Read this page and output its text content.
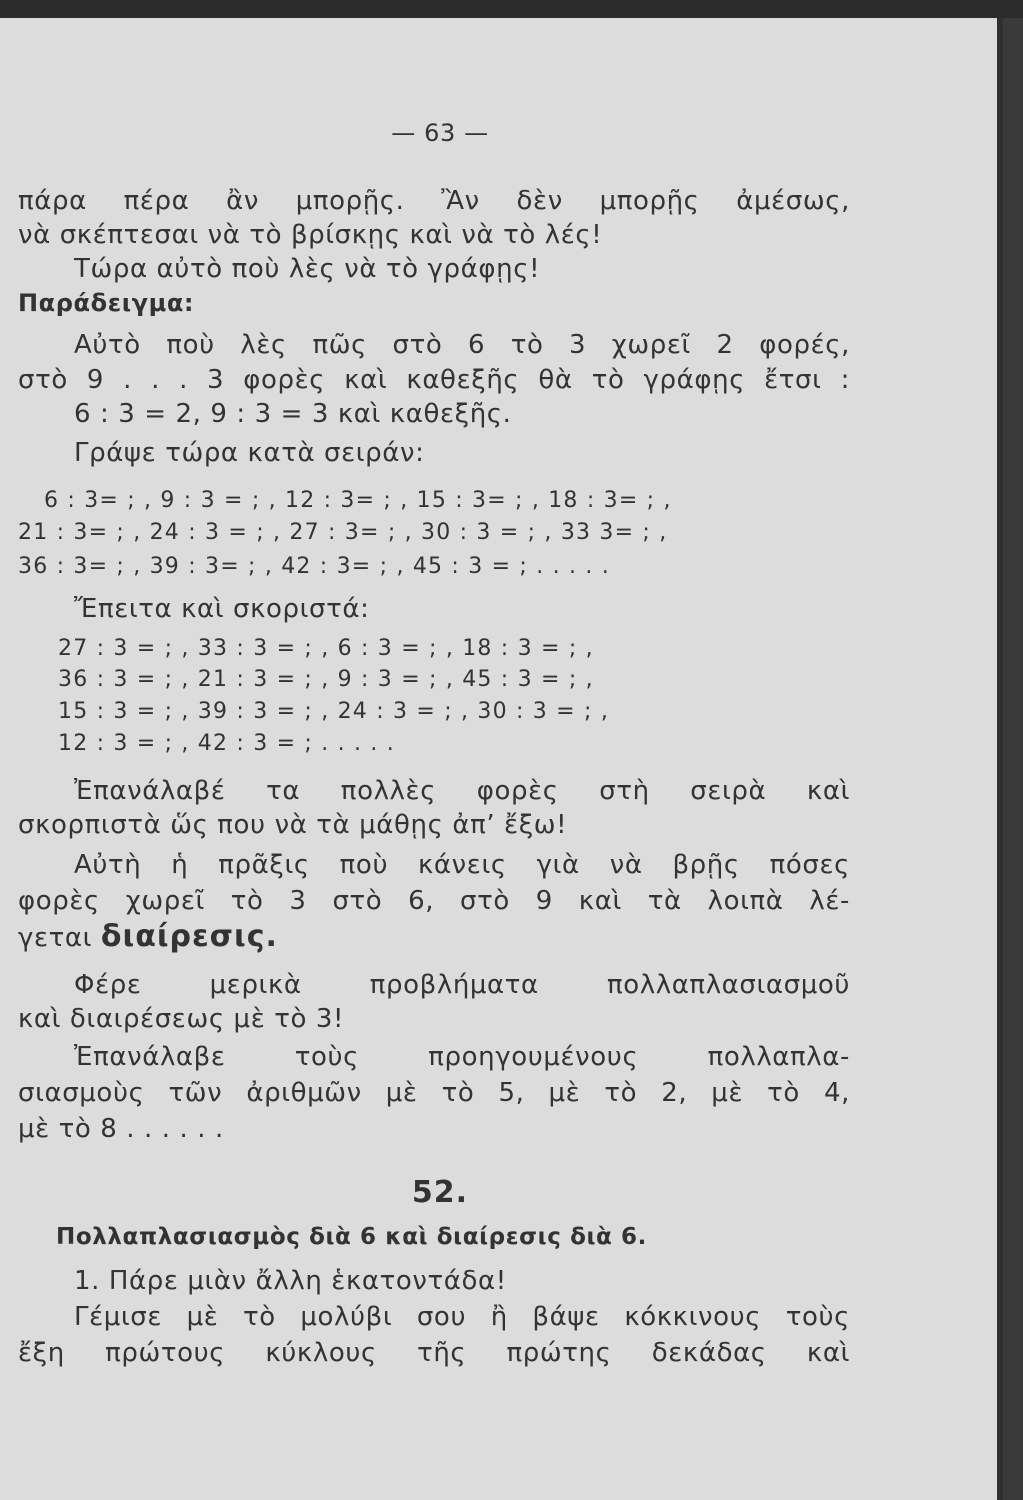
— 63 —
πάρα πέρα ἂν μπορῇς. Ἂν δὲν μπορῇς ἀμέσως,
νὰ σκέπτεσαι νὰ τὸ βρίσκῃς καὶ νὰ τὸ λές!
Τώρα αὐτὸ ποὺ λὲς νὰ τὸ γράφῃς!
Παράδειγμα:
Αὐτὸ ποὺ λὲς πῶς στὸ 6 τὸ 3 χωρεῖ 2 φορές,
στὸ 9 . . . 3 φορὲς καὶ καθεξῆς θὰ τὸ γράφῃς ἔτσι :
6 : 3 = 2, 9 : 3 = 3 καὶ καθεξῆς.
Γράψε τώρα κατὰ σειράν:
6 : 3= ; , 9 : 3 = ; , 12 : 3= ; , 15 : 3= ; , 18 : 3= ; ,
21 : 3= ; , 24 : 3 = ; , 27 : 3= ; , 30 : 3 = ; , 33 3= ; ,
36 : 3= ; , 39 : 3= ; , 42 : 3= ; , 45 : 3 = ; . . . . .
Ἔπειτα καὶ σκοριστά:
27 : 3 = ; , 33 : 3 = ; , 6 : 3 = ; , 18 : 3 = ; ,
36 : 3 = ; , 21 : 3 = ; , 9 : 3 = ; , 45 : 3 = ; ,
15 : 3 = ; , 39 : 3 = ; , 24 : 3 = ; , 30 : 3 = ; ,
12 : 3 = ; , 42 : 3 = ; . . . . .
Ἐπανάλαβέ τα πολλὲς φορὲς στὴ σειρὰ καὶ
σκορπιστὰ ὥς που νὰ τὰ μάθῃς ἀπ’ ἔξω!
Αὐτὴ ἡ πρᾶξις ποὺ κάνεις γιὰ νὰ βρῇς πόσες
φορὲς χωρεῖ τὸ 3 στὸ 6, στὸ 9 καὶ τὰ λοιπὰ λέ-
γεται διαίρεσις.
Φέρε μερικὰ προβλήματα πολλαπλασιασμοῦ
καὶ διαιρέσεως μὲ τὸ 3!
Ἐπανάλαβε τοὺς προηγουμένους πολλαπλα-
σιασμοὺς τῶν ἀριθμῶν μὲ τὸ 5, μὲ τὸ 2, μὲ τὸ 4,
μὲ τὸ 8 . . . . . .
52.
Πολλαπλασιασμὸς διὰ 6 καὶ διαίρεσις διὰ 6.
1. Πάρε μιὰν ἄλλη ἑκατοντάδα!
Γέμισε μὲ τὸ μολύβι σου ἢ βάψε κόκκινους τοὺς
ἔξη πρώτους κύκλους τῆς πρώτης δεκάδας καὶ
